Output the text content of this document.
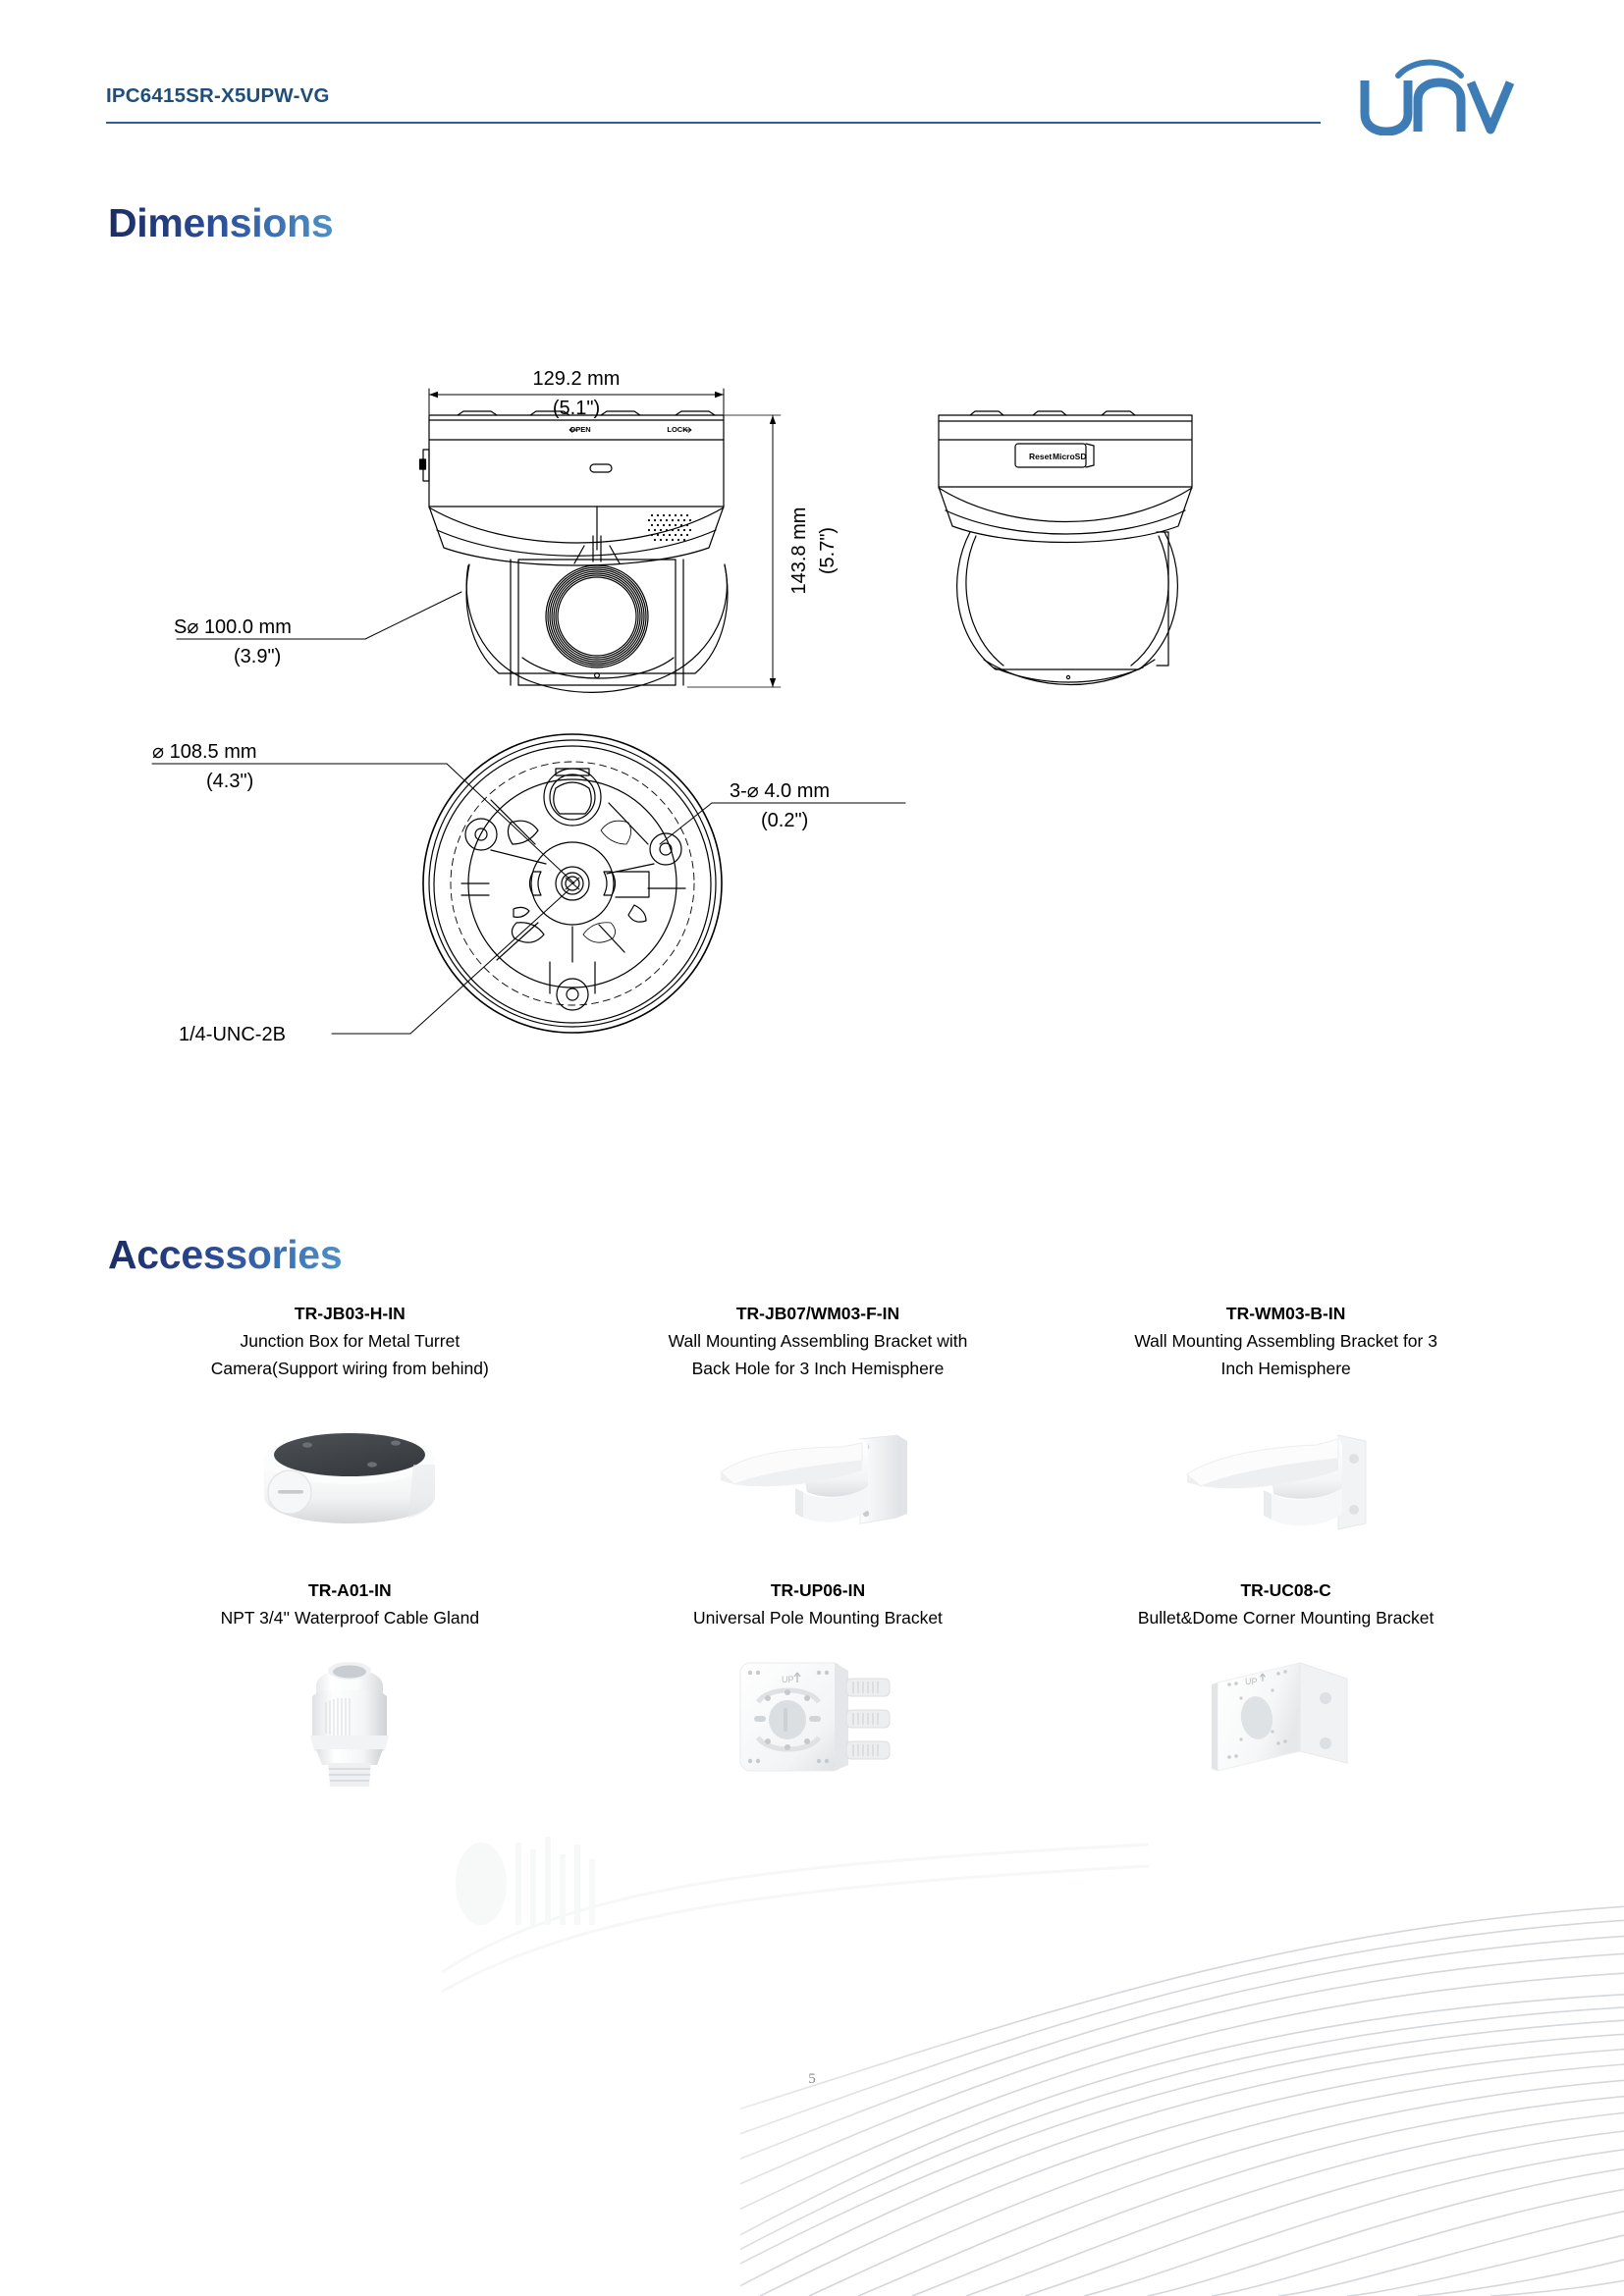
IPC6415SR-X5UPW-VG
Dimensions
129.2 mm
(5.1")
143.8 mm (5.7")
S⌀ 100.0 mm
(3.9")
OPEN	LOCK
Reset MicroSD
⌀ 108.5 mm
(4.3")	3-⌀ 4.0 mm
(0.2")
1/4-UNC-2B
Accessories
TR-JB03-H-IN
Junction Box for Metal Turret
Camera(Support wiring from behind)
TR-JB07/WM03-F-IN
Wall Mounting Assembling Bracket with
Back Hole for 3 Inch Hemisphere
TR-WM03-B-IN
Wall Mounting Assembling Bracket for 3
Inch Hemisphere
TR-A01-IN
NPT 3/4'' Waterproof Cable Gland
TR-UP06-IN
Universal Pole Mounting Bracket
UP
TR-UC08-C
Bullet&Dome Corner Mounting Bracket
UP
5
